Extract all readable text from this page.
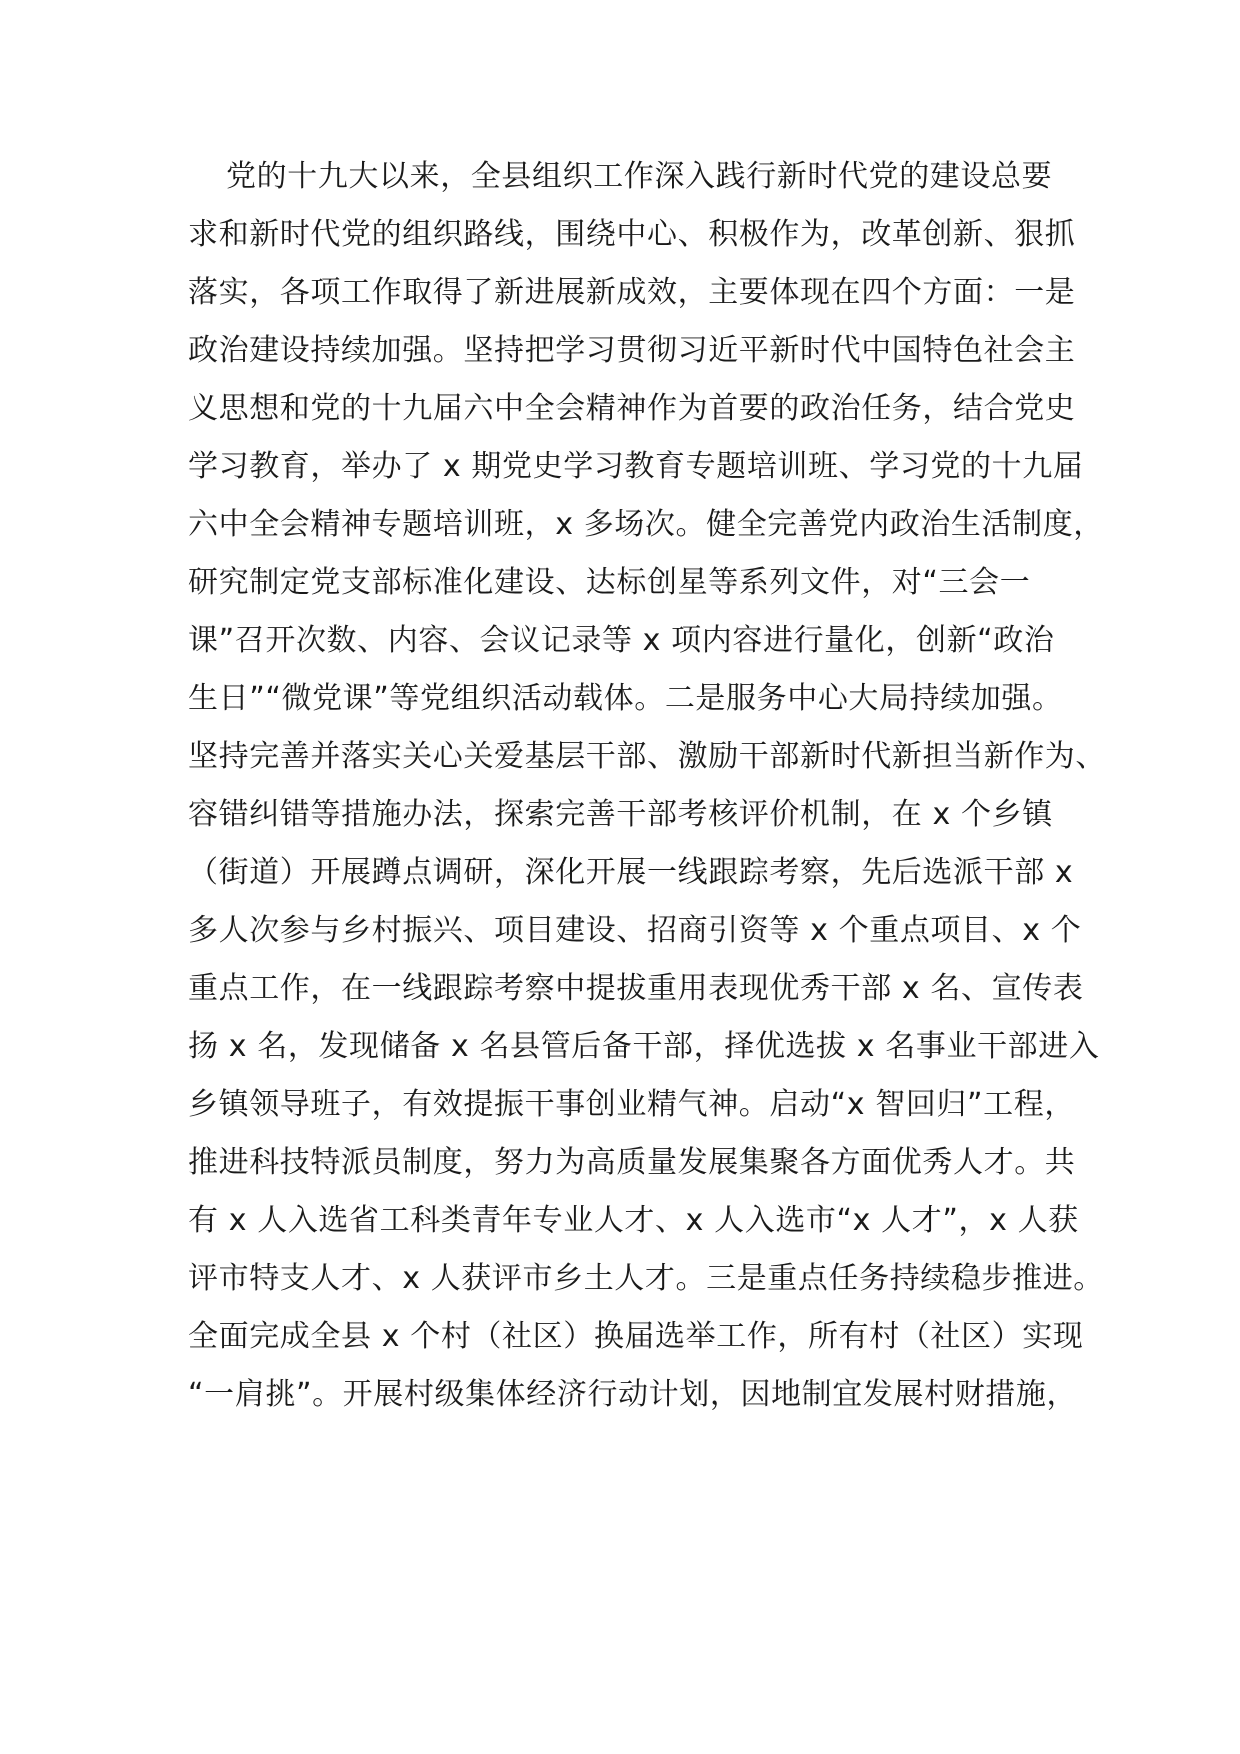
党的十九大以来，全县组织工作深入践行新时代党的建设总要

求和新时代党的组织路线，围绕中心、积极作为，改革创新、狠抓

落实，各项工作取得了新进展新成效，主要体现在四个方面：一是

政治建设持续加强。坚持把学习贯彻习近平新时代中国特色社会主

义思想和党的十九届六中全会精神作为首要的政治任务，结合党史

学习教育，举办了 x 期党史学习教育专题培训班、学习党的十九届

六中全会精神专题培训班，x 多场次。健全完善党内政治生活制度，

研究制定党支部标准化建设、达标创星等系列文件，对“三会一

课”召开次数、内容、会议记录等 x 项内容进行量化，创新“政治

生日”“微党课”等党组织活动载体。二是服务中心大局持续加强。

坚持完善并落实关心关爱基层干部、激励干部新时代新担当新作为、

容错纠错等措施办法，探索完善干部考核评价机制，在 x 个乡镇

（街道）开展蹲点调研，深化开展一线跟踪考察，先后选派干部 x

多人次参与乡村振兴、项目建设、招商引资等 x 个重点项目、x 个

重点工作，在一线跟踪考察中提拔重用表现优秀干部 x 名、宣传表

扬 x 名，发现储备 x 名县管后备干部，择优选拔 x 名事业干部进入

乡镇领导班子，有效提振干事创业精气神。启动“x 智回归”工程，

推进科技特派员制度，努力为高质量发展集聚各方面优秀人才。共

有 x 人入选省工科类青年专业人才、x 人入选市“x 人才”，x 人获

评市特支人才、x 人获评市乡土人才。三是重点任务持续稳步推进。

全面完成全县 x 个村（社区）换届选举工作，所有村（社区）实现

“一肩挑”。开展村级集体经济行动计划，因地制宜发展村财措施，
